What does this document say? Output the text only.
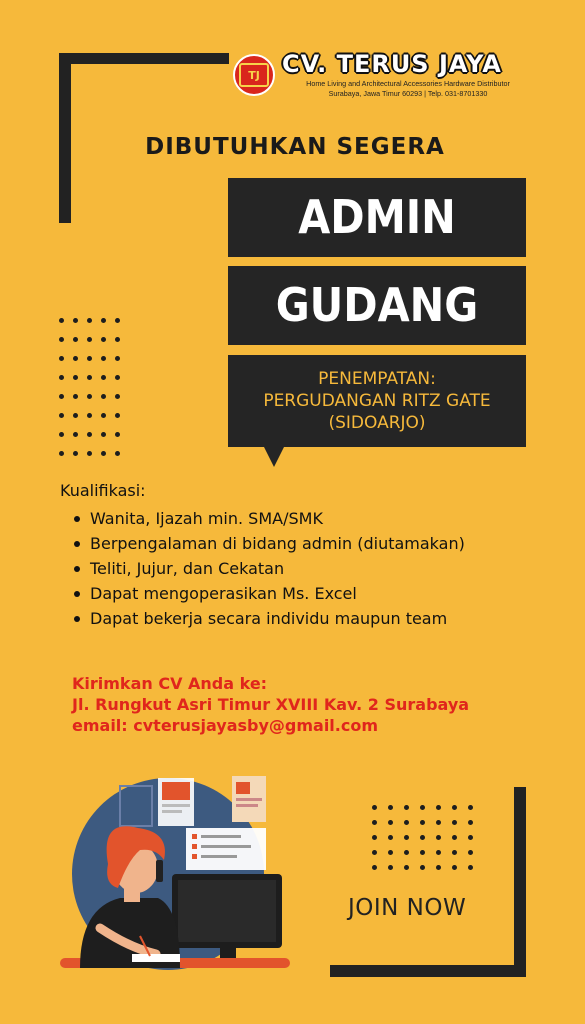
TJ CV. TERUS JAYA
Home Living and Architectural Accessories Hardware Distributor
Surabaya, Jawa Timur 60293 | Telp. 031-8701330
DIBUTUHKAN SEGERA
ADMIN
GUDANG
PENEMPATAN:
PERGUDANGAN RITZ GATE
(SIDOARJO)
Kualifikasi:
Wanita, Ijazah min. SMA/SMK
Berpengalaman di bidang admin (diutamakan)
Teliti, Jujur, dan Cekatan
Dapat mengoperasikan Ms. Excel
Dapat bekerja secara individu maupun team
Kirimkan CV Anda ke:
Jl. Rungkut Asri Timur XVIII Kav. 2 Surabaya
email: cvterusjayasby@gmail.com
JOIN NOW
